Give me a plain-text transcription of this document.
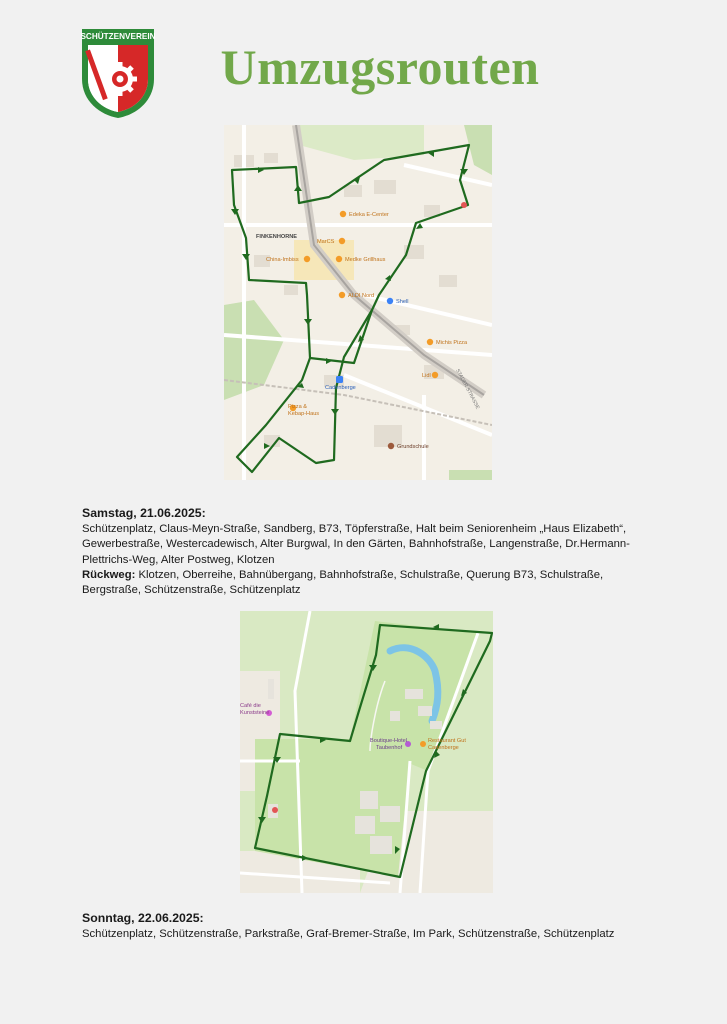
SCHÜTZENVEREIN
Umzugsrouten
FINKENHORNE
Edeka E-Center
MarCS
China-Imbiss	Medke Grillhaus
ALDI Nord
Shell
Michis Pizza
Lidl
Cadenberge
Pizza &
Kebap-Haus
Grundschule
STADER STRASSE
Samstag, 21.06.2025:
Schützenplatz, Claus-Meyn-Straße, Sandberg, B73, Töpferstraße, Halt beim Seniorenheim „Haus Elizabeth“, Gewerbestraße, Westercadewisch, Alter Burgwal, In den Gärten, Bahnhofstraße, Langenstraße, Dr.Hermann-Plettrichs-Weg, Alter Postweg, Klotzen
Rückweg: Klotzen, Oberreihe, Bahnübergang, Bahnhofstraße, Schulstraße, Querung B73, Schulstraße, Bergstraße, Schützenstraße, Schützenplatz
Café die
Kunststeine
Boutique-Hotel
Taubenhof
Restaurant Gut
Cadenberge
Sonntag, 22.06.2025:
Schützenplatz, Schützenstraße, Parkstraße, Graf-Bremer-Straße, Im Park, Schützenstraße, Schützenplatz
